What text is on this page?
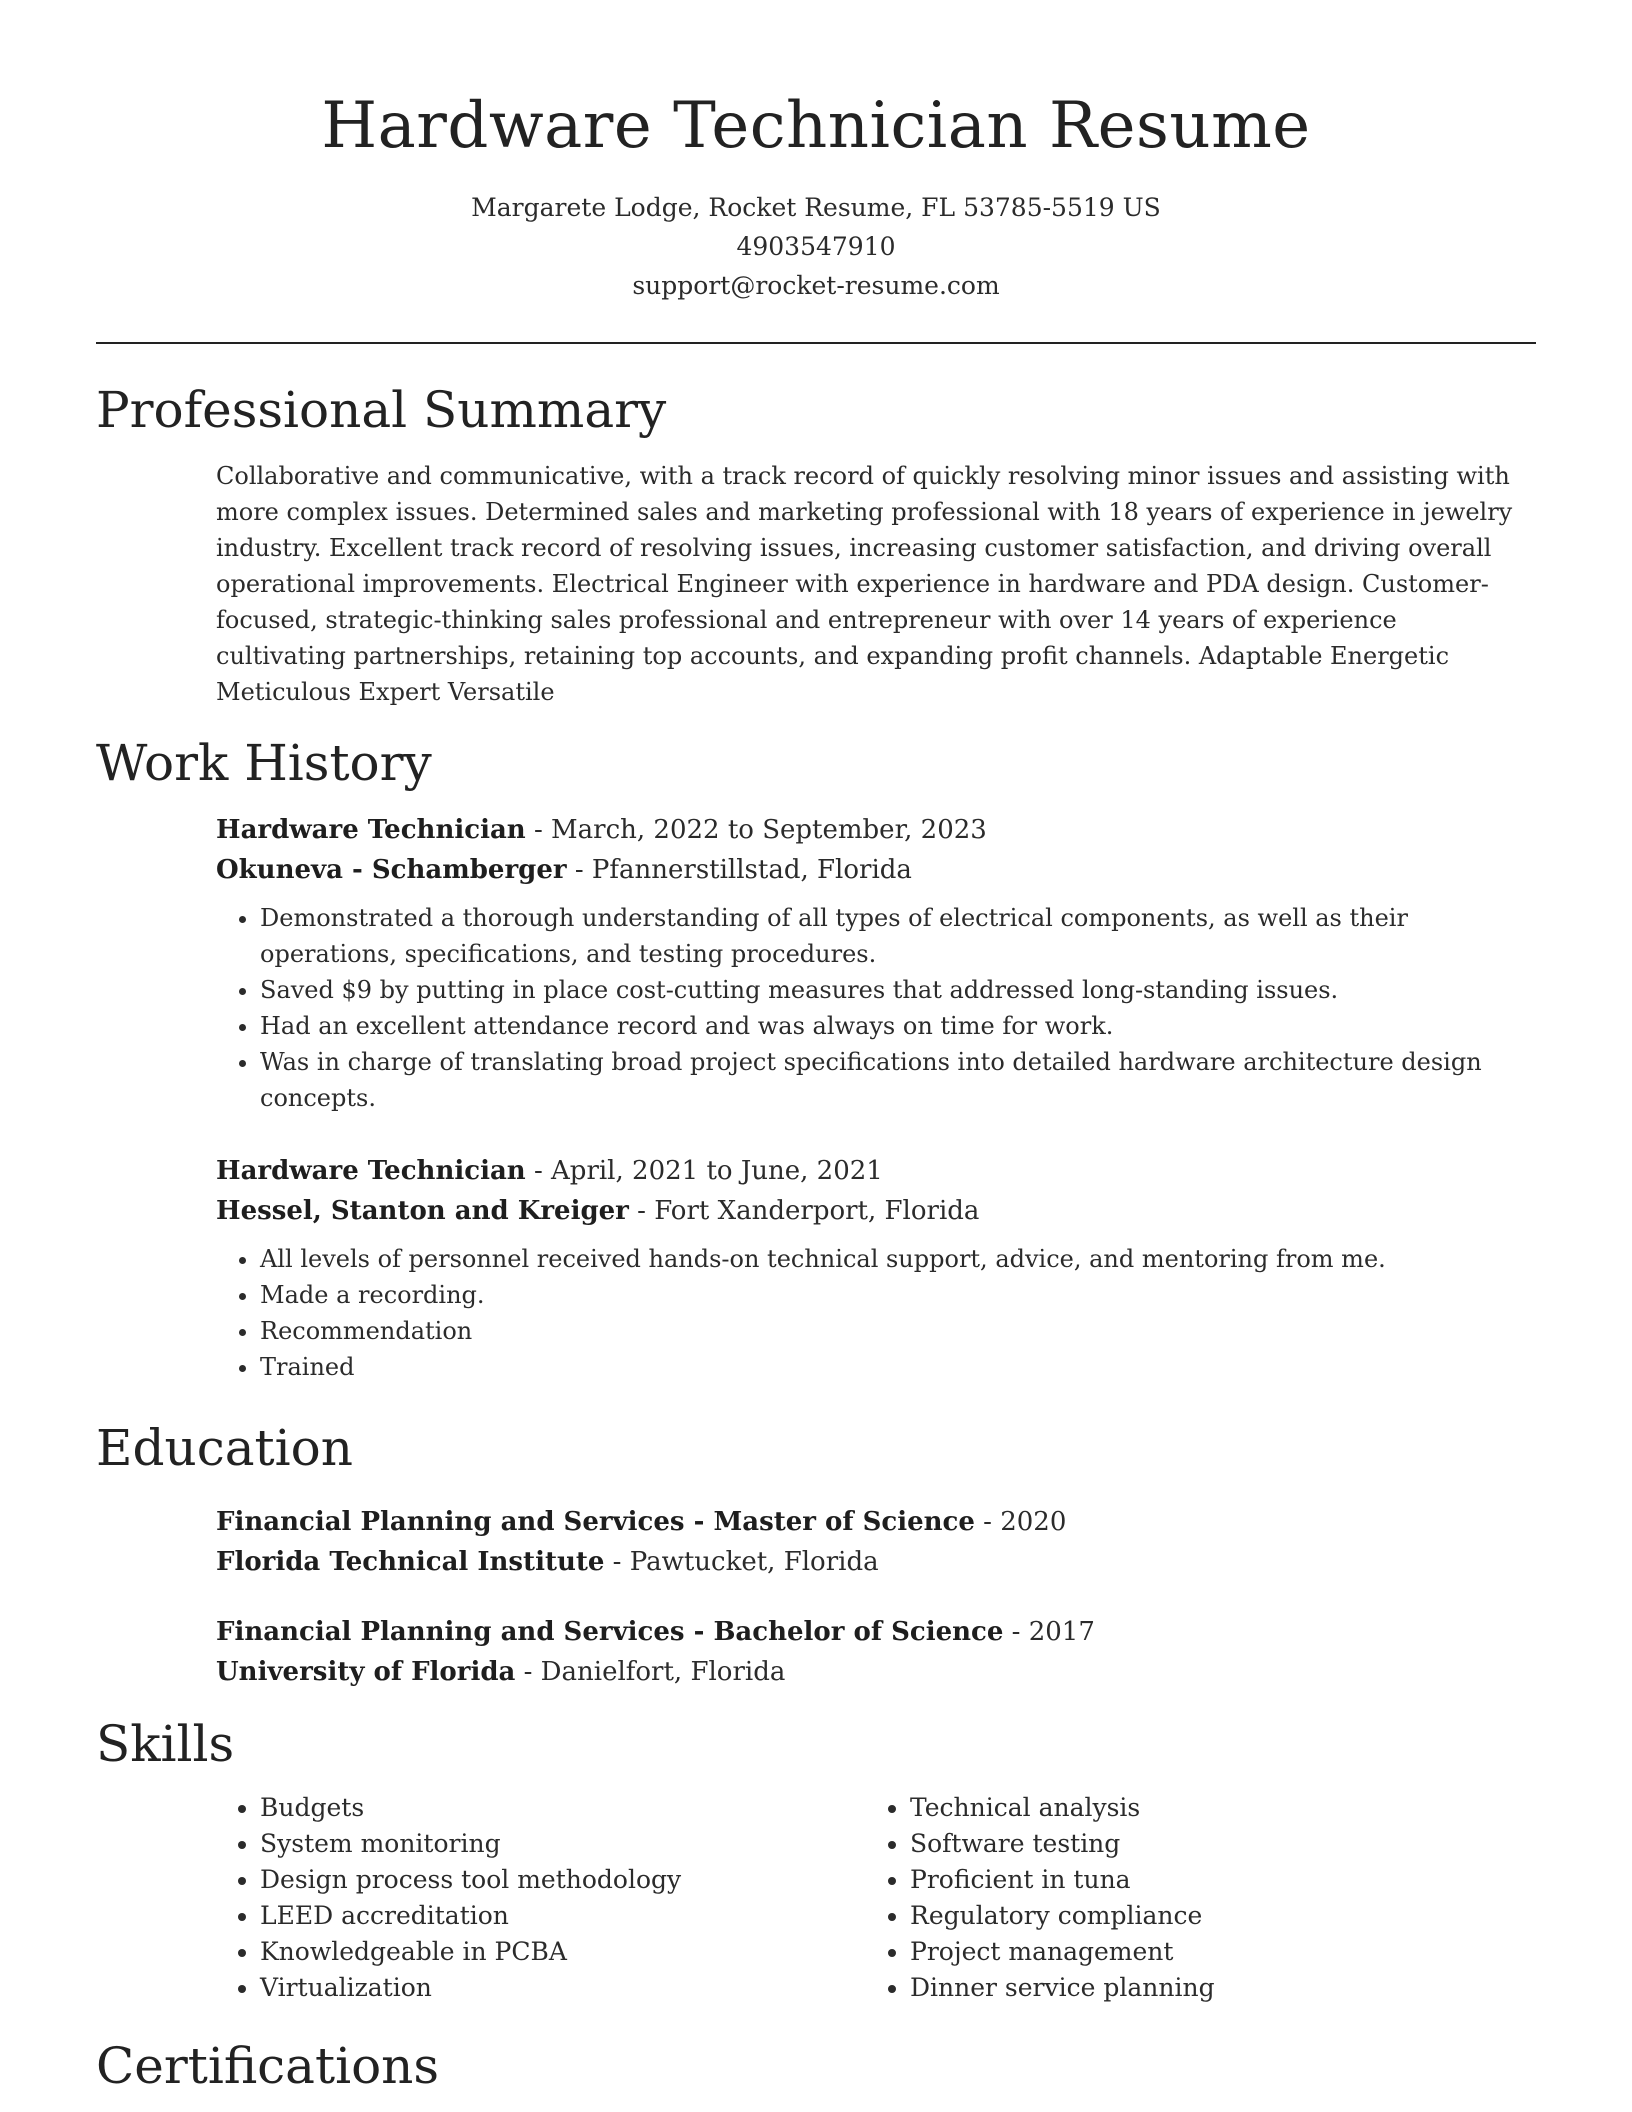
Hardware Technician Resume
Margarete Lodge, Rocket Resume, FL 53785-5519 US
4903547910
support@rocket-resume.com
Professional Summary
Collaborative and communicative, with a track record of quickly resolving minor issues and assisting with more complex issues. Determined sales and marketing professional with 18 years of experience in jewelry industry. Excellent track record of resolving issues, increasing customer satisfaction, and driving overall operational improvements. Electrical Engineer with experience in hardware and PDA design. Customer-focused, strategic-thinking sales professional and entrepreneur with over 14 years of experience cultivating partnerships, retaining top accounts, and expanding profit channels. Adaptable Energetic Meticulous Expert Versatile
Work History
Hardware Technician - March, 2022 to September, 2023
Okuneva - Schamberger - Pfannerstillstad, Florida
• Demonstrated a thorough understanding of all types of electrical components, as well as their operations, specifications, and testing procedures.
• Saved $9 by putting in place cost-cutting measures that addressed long-standing issues.
• Had an excellent attendance record and was always on time for work.
• Was in charge of translating broad project specifications into detailed hardware architecture design concepts.
Hardware Technician - April, 2021 to June, 2021
Hessel, Stanton and Kreiger - Fort Xanderport, Florida
• All levels of personnel received hands-on technical support, advice, and mentoring from me.
• Made a recording.
• Recommendation
• Trained
Education
Financial Planning and Services - Master of Science - 2020
Florida Technical Institute - Pawtucket, Florida
Financial Planning and Services - Bachelor of Science - 2017
University of Florida - Danielfort, Florida
Skills
• Budgets
• System monitoring
• Design process tool methodology
• LEED accreditation
• Knowledgeable in PCBA
• Virtualization
• Technical analysis
• Software testing
• Proficient in tuna
• Regulatory compliance
• Project management
• Dinner service planning
Certifications
